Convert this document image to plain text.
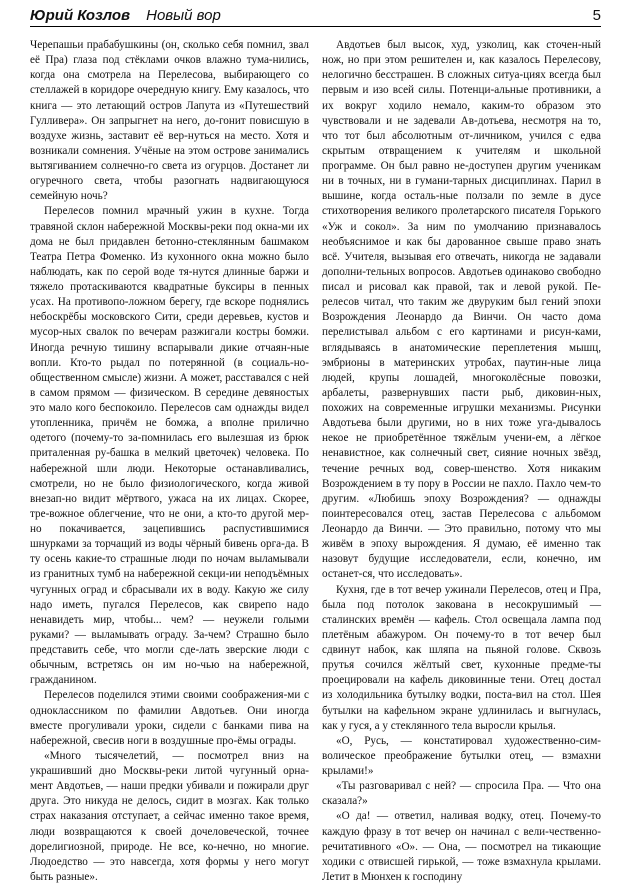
Юрий Козлов Новый вор	5

Черепашьи прабабушкины (он, сколько себя помнил, звал её Пра) глаза под стёклами очков влажно тума-нились, когда она смотрела на Перелесова, выбирающего со стеллажей в коридоре очередную книгу. Ему казалось, что книга — это летающий остров Лапута из «Путешествий Гулливера». Он запрыгнет на него, до-гонит повисшую в воздухе жизнь, заставит её вер-нуться на место. Хотя и возникали сомнения. Учёные на этом острове занимались вытягиванием солнечно-го света из огурцов. Достанет ли огуречного света, чтобы разогнать надвигающуюся семейную ночь?

Перелесов помнил мрачный ужин в кухне. Тогда травяной склон набережной Москвы-реки под окна-ми их дома не был придавлен бетонно-стеклянным башмаком Театра Петра Фоменко. Из кухонного окна можно было наблюдать, как по серой воде тя-нутся длинные баржи и тяжело протаскиваются квадратные буксиры в пенных усах. На противопо-ложном берегу, где вскоре поднялись небоскрёбы московского Сити, среди деревьев, кустов и мусор-ных свалок по вечерам разжигали костры бомжи. Иногда речную тишину вспарывали дикие отчаян-ные вопли. Кто-то рыдал по потерянной (в социаль-но-общественном смысле) жизни. А может, расставался с ней в самом прямом — физическом. В середине девяностых это мало кого беспокоило. Перелесов сам однажды видел утопленника, причём не бомжа, а вполне прилично одетого (почему-то за-помнилась его вылезшая из брюк приталенная ру-башка в мелкий цветочек) человека. По набережной шли люди. Некоторые останавливались, смотрели, но не было физиологического, когда живой внезап-но видит мёртвого, ужаса на их лицах. Скорее, тре-вожное облегчение, что не они, а кто-то другой мер-но покачивается, зацепившись распустившимися шнурками за торчащий из воды чёрный бивень орга-да. В ту осень какие-то страшные люди по ночам выламывали из гранитных тумб на набережной секци-ии неподъёмных чугунных оград и сбрасывали их в воду. Какую же силу надо иметь, пугался Перелесов, как свирепо надо ненавидеть мир, чтобы... чем? — неужели голыми руками? — выламывать ограду. За-чем? Страшно было представить себе, что могли сде-лать зверские люди с обычным, встретясь он им но-чью на набережной, гражданином.

Перелесов поделился этими своими соображения-ми с одноклассником по фамилии Авдотьев. Они иногда вместе прогуливали уроки, сидели с банками пива на набережной, свесив ноги в воздушные про-ёмы ограды.

«Много тысячелетий, — посмотрел вниз на украшивший дно Москвы-реки литой чугунный орна-мент Авдотьев, — наши предки убивали и пожирали друг друга. Это никуда не делось, сидит в мозгах. Как только страх наказания отступает, а сейчас именно такое время, люди возвращаются к своей дочеловеческой, точнее дорелигиозной, природе. Не все, ко-нечно, но многие. Людоедство — это навсегда, хотя формы у него могут быть разные».

Авдотьев был высок, худ, узколиц, как сточен-ный нож, но при этом решителен и, как казалось Перелесову, нелогично бесстрашен. В сложных ситуа-циях всегда был первым и изо всей силы. Потенци-альные противники, а их вокруг ходило немало, каким-то образом это чувствовали и не задевали Ав-дотьева, несмотря на то, что тот был абсолютным от-личником, учился с едва скрытым отвращением к учителям и школьной программе. Он был равно не-доступен другим ученикам ни в точных, ни в гумани-тарных дисциплинах. Парил в вышине, когда осталь-ные ползали по земле в дусе стихотворения великого пролетарского писателя Горького «Уж и сокол». За ним по умолчанию признавалось необъяснимое и как бы дарованное свыше право знать всё. Учителя, вызывая его отвечать, никогда не задавали дополни-тельных вопросов. Авдотьев одинаково свободно писал и рисовал как правой, так и левой рукой. Пе-релесов читал, что таким же двуруким был гений эпохи Возрождения Леонардо да Винчи. Он часто дома перелистывал альбом с его картинами и рисун-ками, вглядываясь в анатомические переплетения мышц, эмбрионы в материнских утробах, паутин-ные лица людей, крупы лошадей, многоколёсные повозки, арбалеты, развернувших пасти рыб, диковин-ных, похожих на современные игрушки механизмы. Рисунки Авдотьева были другими, но в них тоже уга-дывалось некое не приобретённое тяжёлым учени-ем, а лёгкое ненавистное, как солнечный свет, сияние ночных звёзд, течение речных вод, совер-шенство. Хотя никаким Возрождением в ту пору в России не пахло. Пахло чем-то другим. «Любишь эпоху Возрождения? — однажды поинтересовался отец, застав Перелесова с альбомом Леонардо да Винчи. — Это правильно, потому что мы живём в эпоху вырождения. Я думаю, её именно так назовут будущие исследователи, если, конечно, им останет-ся, что исследовать».

Кухня, где в тот вечер ужинали Перелесов, отец и Пра, была под потолок закована в несокрушимый — сталинских времён — кафель. Стол освещала лампа под плетёным абажуром. Он почему-то в тот вечер был сдвинут набок, как шляпа на пьяной голове. Сквозь прутья сочился жёлтый свет, кухонные предме-ты проецировали на кафель диковинные тени. Отец достал из холодильника бутылку водки, поста-вил на стол. Шея бутылки на кафельном экране удлинилась и выгнулась, как у гуся, а у стеклянного тела выросли крылья.

«О, Русь, — констатировал художественно-сим-волическое преображение бутылки отец, — взмахни крылами!»

«Ты разговаривал с ней? — спросила Пра. — Что она сказала?»

«О да! — ответил, наливая водку, отец. Почему-то каждую фразу в тот вечер он начинал с вели-чественно-речитативного «О». — Она, — посмотрел на тикающие ходики с отвисшей гирькой, — тоже взмахнула крылами. Летит в Мюнхен к господину
